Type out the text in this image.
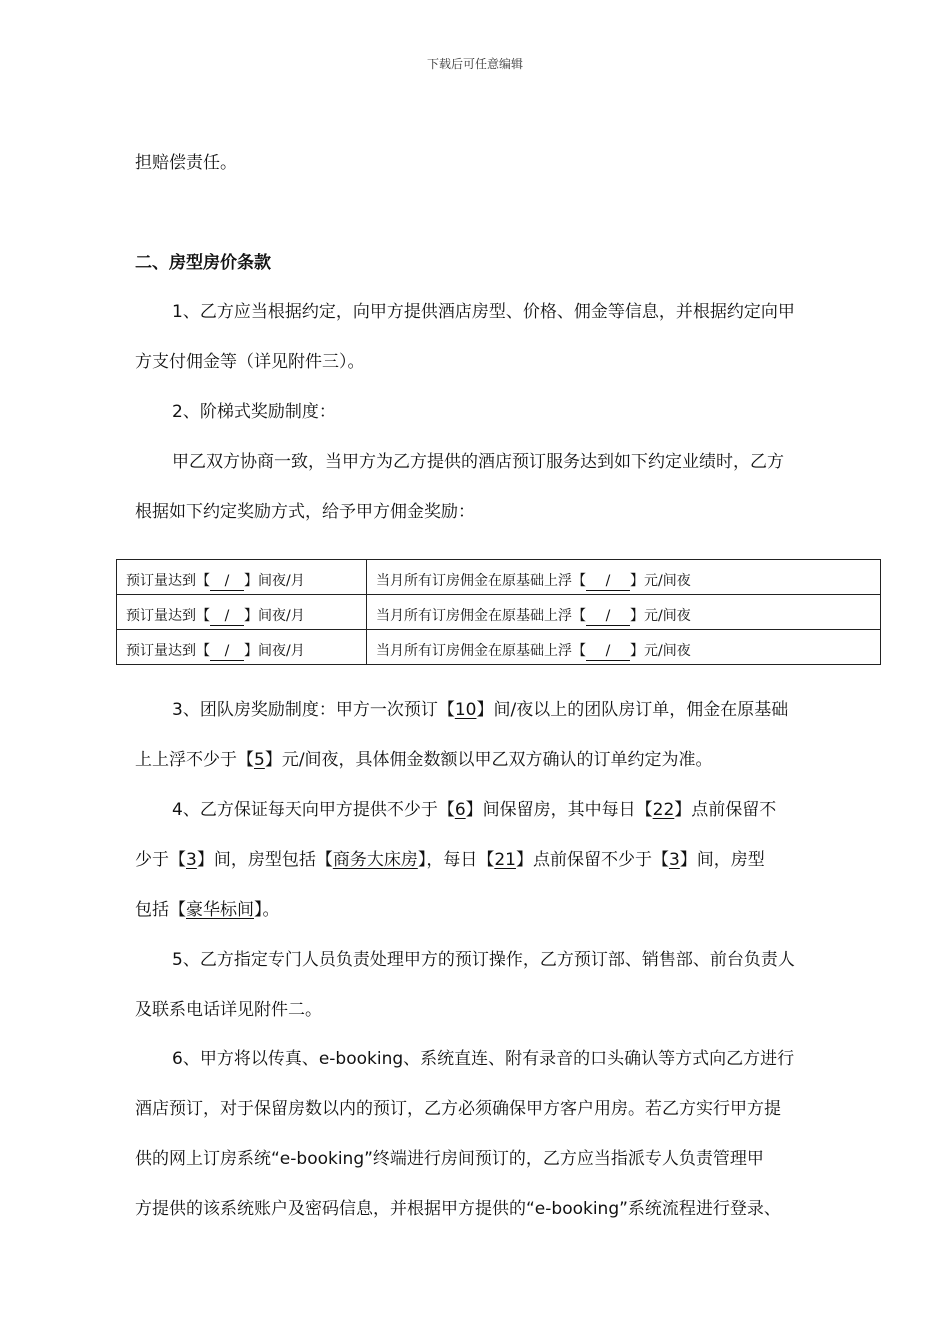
下载后可任意编辑
担赔偿责任。
二、房型房价条款
1、乙方应当根据约定，向甲方提供酒店房型、价格、佣金等信息，并根据约定向甲
方支付佣金等（详见附件三）。
2、阶梯式奖励制度：
甲乙双方协商一致，当甲方为乙方提供的酒店预订服务达到如下约定业绩时，乙方
根据如下约定奖励方式，给予甲方佣金奖励：
预订量达到【 / 】间夜/月	当月所有订房佣金在原基础上浮【 / 】元/间夜
预订量达到【 / 】间夜/月	当月所有订房佣金在原基础上浮【 / 】元/间夜
预订量达到【 / 】间夜/月	当月所有订房佣金在原基础上浮【 / 】元/间夜
3、团队房奖励制度：甲方一次预订【10】间/夜以上的团队房订单，佣金在原基础
上上浮不少于【5】元/间夜，具体佣金数额以甲乙双方确认的订单约定为准。
4、乙方保证每天向甲方提供不少于【6】间保留房，其中每日【22】点前保留不
少于【3】间，房型包括【商务大床房】，每日【21】点前保留不少于【3】间，房型
包括【豪华标间】。
5、乙方指定专门人员负责处理甲方的预订操作，乙方预订部、销售部、前台负责人
及联系电话详见附件二。
6、甲方将以传真、e-booking、系统直连、附有录音的口头确认等方式向乙方进行
酒店预订，对于保留房数以内的预订，乙方必须确保甲方客户用房。若乙方实行甲方提
供的网上订房系统“e-booking”终端进行房间预订的，乙方应当指派专人负责管理甲
方提供的该系统账户及密码信息，并根据甲方提供的“e-booking”系统流程进行登录、
